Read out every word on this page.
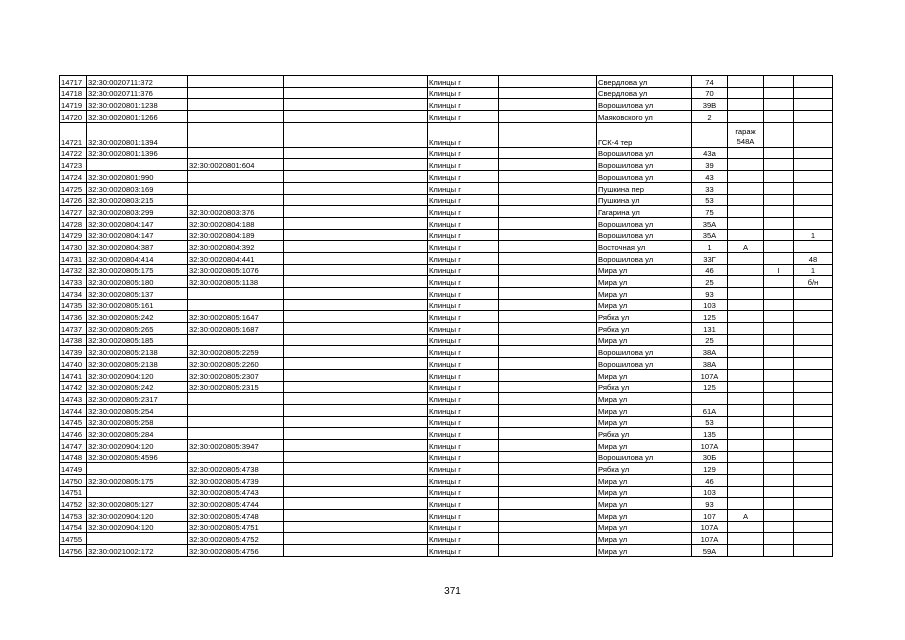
14717	32:30:0020711:372			Клинцы г		Свердлова ул	74			
14718	32:30:0020711:376			Клинцы г		Свердлова ул	70			
14719	32:30:0020801:1238			Клинцы г		Ворошилова ул	39В			
14720	32:30:0020801:1266			Клинцы г		Маяковского ул	2			
14721	32:30:0020801:1394			Клинцы г		ГСК-4 тер		гараж 548А		
14722	32:30:0020801:1396			Клинцы г		Ворошилова ул	43а			
14723		32:30:0020801:604		Клинцы г		Ворошилова ул	39			
14724	32:30:0020801:990			Клинцы г		Ворошилова ул	43			
14725	32:30:0020803:169			Клинцы г		Пушкина пер	33			
14726	32:30:0020803:215			Клинцы г		Пушкина ул	53			
14727	32:30:0020803:299	32:30:0020803:376		Клинцы г		Гагарина ул	75			
14728	32:30:0020804:147	32:30:0020804:188		Клинцы г		Ворошилова ул	35А			
14729	32:30:0020804:147	32:30:0020804:189		Клинцы г		Ворошилова ул	35А			1
14730	32:30:0020804:387	32:30:0020804:392		Клинцы г		Восточная ул	1	А		
14731	32:30:0020804:414	32:30:0020804:441		Клинцы г		Ворошилова ул	33Г			48
14732	32:30:0020805:175	32:30:0020805:1076		Клинцы г		Мира ул	46		I	1
14733	32:30:0020805:180	32:30:0020805:1138		Клинцы г		Мира ул	25			б/н
14734	32:30:0020805:137			Клинцы г		Мира ул	93			
14735	32:30:0020805:161			Клинцы г		Мира ул	103			
14736	32:30:0020805:242	32:30:0020805:1647		Клинцы г		Рябка ул	125			
14737	32:30:0020805:265	32:30:0020805:1687		Клинцы г		Рябка ул	131			
14738	32:30:0020805:185			Клинцы г		Мира ул	25			
14739	32:30:0020805:2138	32:30:0020805:2259		Клинцы г		Ворошилова ул	38А			
14740	32:30:0020805:2138	32:30:0020805:2260		Клинцы г		Ворошилова ул	38А			
14741	32:30:0020904:120	32:30:0020805:2307		Клинцы г		Мира ул	107А			
14742	32:30:0020805:242	32:30:0020805:2315		Клинцы г		Рябка ул	125			
14743	32:30:0020805:2317			Клинцы г		Мира ул				
14744	32:30:0020805:254			Клинцы г		Мира ул	61А			
14745	32:30:0020805:258			Клинцы г		Мира ул	53			
14746	32:30:0020805:284			Клинцы г		Рябка ул	135			
14747	32:30:0020904:120	32:30:0020805:3947		Клинцы г		Мира ул	107А			
14748	32:30:0020805:4596			Клинцы г		Ворошилова ул	30Б			
14749		32:30:0020805:4738		Клинцы г		Рябка ул	129			
14750	32:30:0020805:175	32:30:0020805:4739		Клинцы г		Мира ул	46			
14751		32:30:0020805:4743		Клинцы г		Мира ул	103			
14752	32:30:0020805:127	32:30:0020805:4744		Клинцы г		Мира ул	93			
14753	32:30:0020904:120	32:30:0020805:4748		Клинцы г		Мира ул	107	А		
14754	32:30:0020904:120	32:30:0020805:4751		Клинцы г		Мира ул	107А			
14755		32:30:0020805:4752		Клинцы г		Мира ул	107А			
14756	32:30:0021002:172	32:30:0020805:4756		Клинцы г		Мира ул	59А			
371
